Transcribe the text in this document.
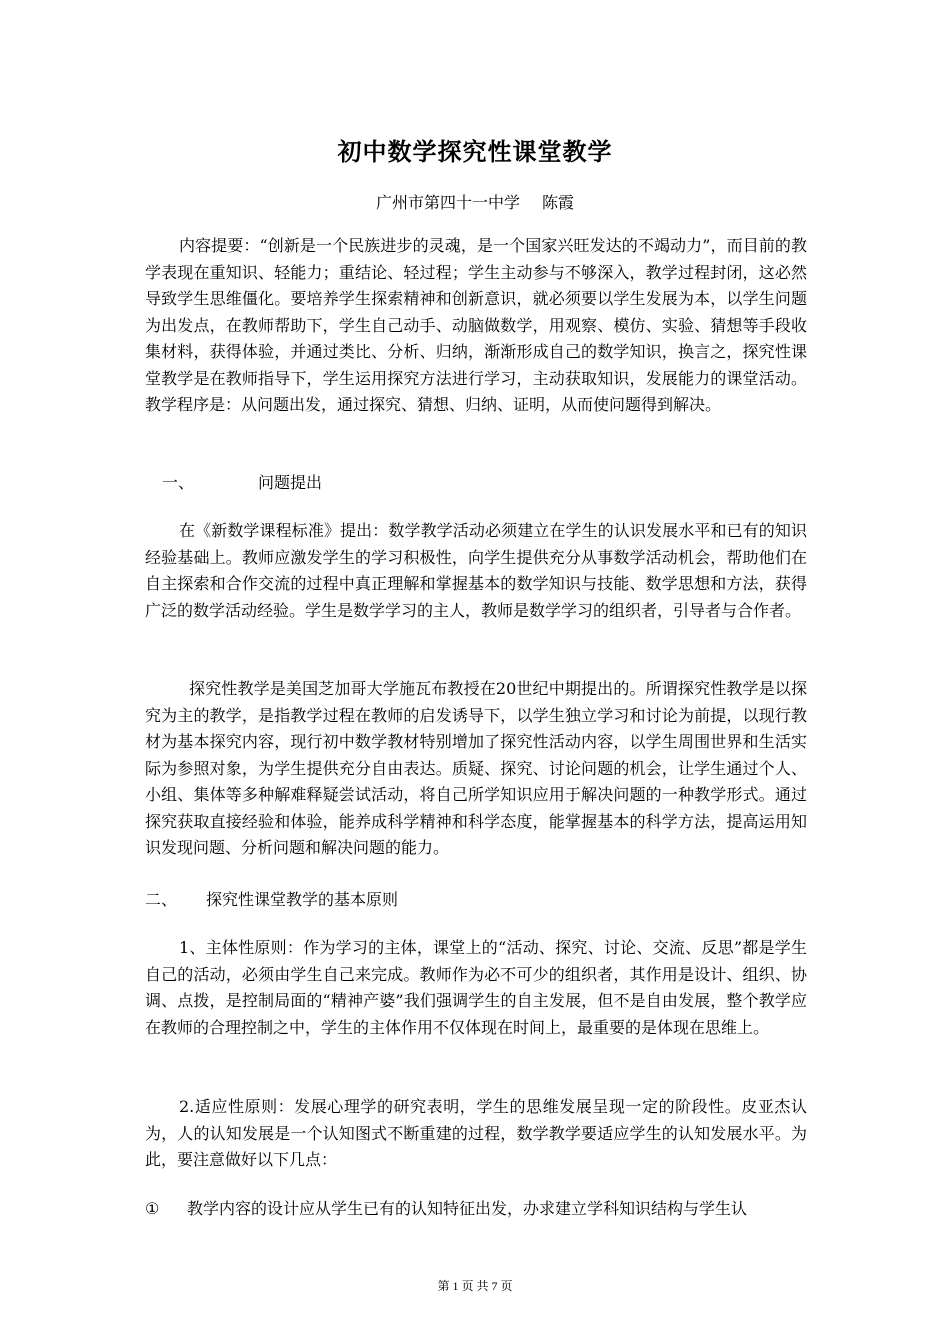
初中数学探究性课堂教学
广州市第四十一中学 陈霞

内容提要：“创新是一个民族进步的灵魂，是一个国家兴旺发达的不竭动力”，而目前的教学表现在重知识、轻能力；重结论、轻过程；学生主动参与不够深入，教学过程封闭，这必然导致学生思维僵化。要培养学生探索精神和创新意识，就必须要以学生发展为本，以学生问题为出发点，在教师帮助下，学生自己动手、动脑做数学，用观察、模仿、实验、猜想等手段收集材料，获得体验，并通过类比、分析、归纳，渐渐形成自己的数学知识，换言之，探究性课堂教学是在教师指导下，学生运用探究方法进行学习，主动获取知识，发展能力的课堂活动。教学程序是：从问题出发，通过探究、猜想、归纳、证明，从而使问题得到解决。

一、	问题提出

在《新数学课程标准》提出：数学教学活动必须建立在学生的认识发展水平和已有的知识经验基础上。教师应激发学生的学习积极性，向学生提供充分从事数学活动机会，帮助他们在自主探索和合作交流的过程中真正理解和掌握基本的数学知识与技能、数学思想和方法，获得广泛的数学活动经验。学生是数学学习的主人，教师是数学学习的组织者，引导者与合作者。

探究性教学是美国芝加哥大学施瓦布教授在20世纪中期提出的。所谓探究性教学是以探究为主的教学，是指教学过程在教师的启发诱导下，以学生独立学习和讨论为前提，以现行教材为基本探究内容，现行初中数学教材特别增加了探究性活动内容，以学生周围世界和生活实际为参照对象，为学生提供充分自由表达。质疑、探究、讨论问题的机会，让学生通过个人、小组、集体等多种解难释疑尝试活动，将自己所学知识应用于解决问题的一种教学形式。通过探究获取直接经验和体验，能养成科学精神和科学态度，能掌握基本的科学方法，提高运用知识发现问题、分析问题和解决问题的能力。

二、 探究性课堂教学的基本原则

1、主体性原则：作为学习的主体，课堂上的“活动、探究、讨论、交流、反思”都是学生自己的活动，必须由学生自己来完成。教师作为必不可少的组织者，其作用是设计、组织、协调、点拨，是控制局面的“精神产婆”我们强调学生的自主发展，但不是自由发展，整个教学应在教师的合理控制之中，学生的主体作用不仅体现在时间上，最重要的是体现在思维上。

2.适应性原则：发展心理学的研究表明，学生的思维发展呈现一定的阶段性。皮亚杰认为，人的认知发展是一个认知图式不断重建的过程，数学教学要适应学生的认知发展水平。为此，要注意做好以下几点：

① 教学内容的设计应从学生已有的认知特征出发，办求建立学科知识结构与学生认

第 1 页 共 7 页
